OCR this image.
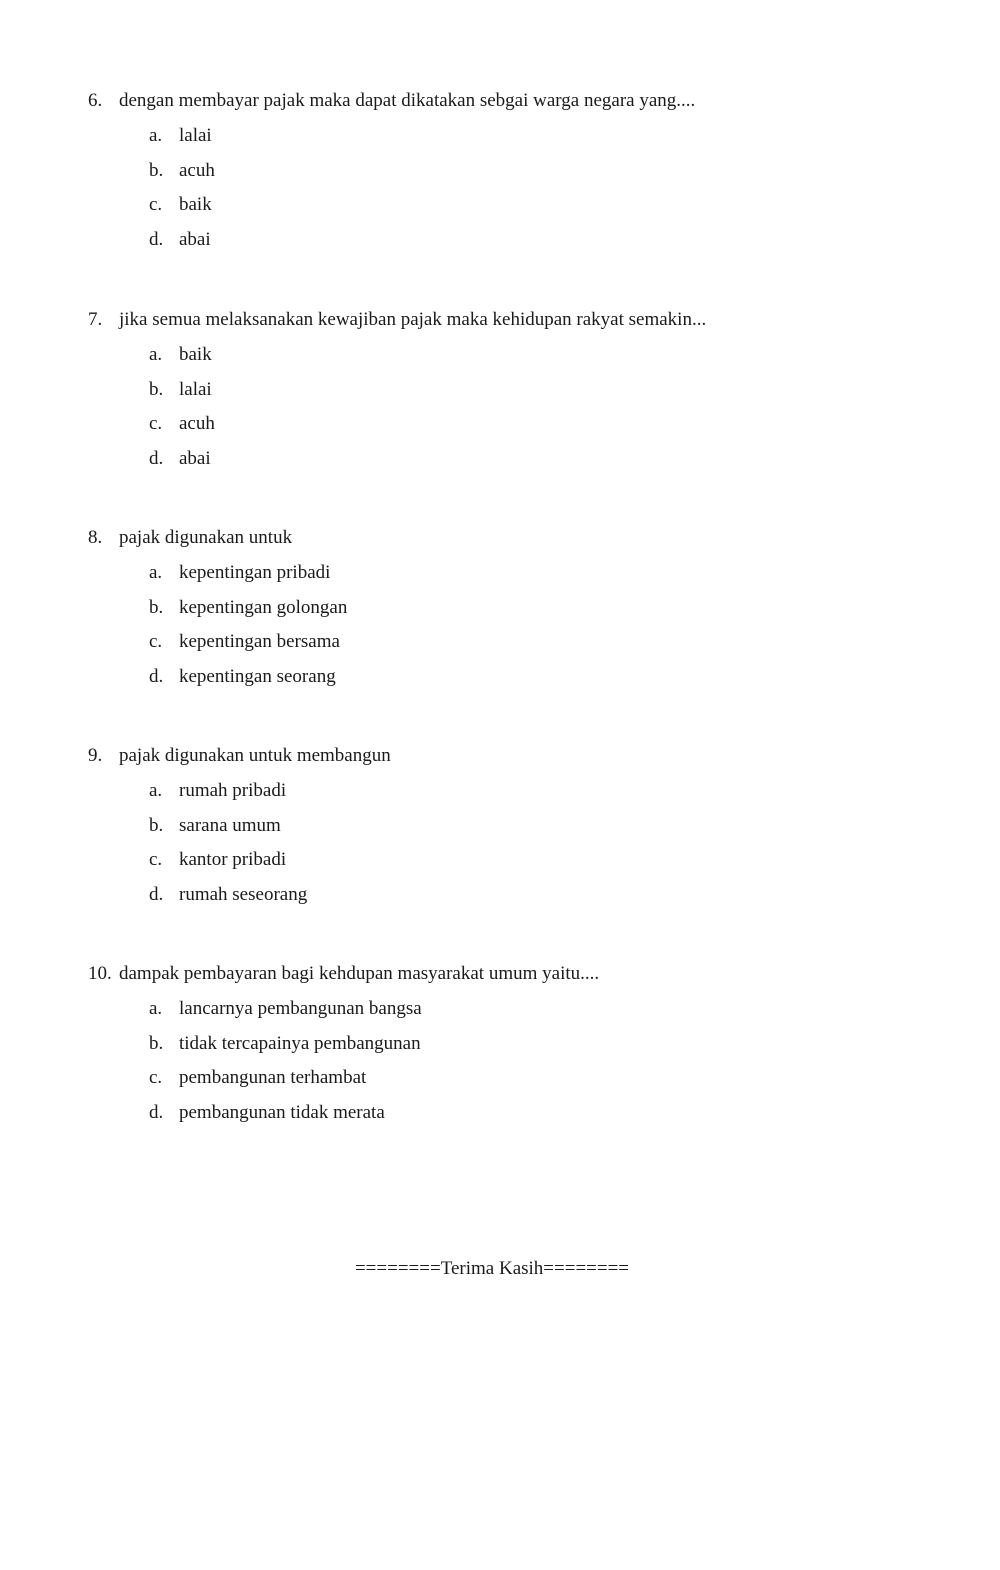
6. dengan membayar pajak maka dapat dikatakan sebgai warga negara yang....
a. lalai
b. acuh
c. baik
d. abai
7. jika semua melaksanakan kewajiban pajak maka kehidupan rakyat semakin...
a. baik
b. lalai
c. acuh
d. abai
8. pajak digunakan untuk
a. kepentingan pribadi
b. kepentingan golongan
c. kepentingan bersama
d. kepentingan seorang
9. pajak digunakan untuk membangun
a. rumah pribadi
b. sarana umum
c. kantor pribadi
d. rumah seseorang
10. dampak pembayaran bagi kehdupan masyarakat umum yaitu....
a. lancarnya pembangunan bangsa
b. tidak tercapainya pembangunan
c. pembangunan terhambat
d. pembangunan tidak merata
========Terima Kasih========
